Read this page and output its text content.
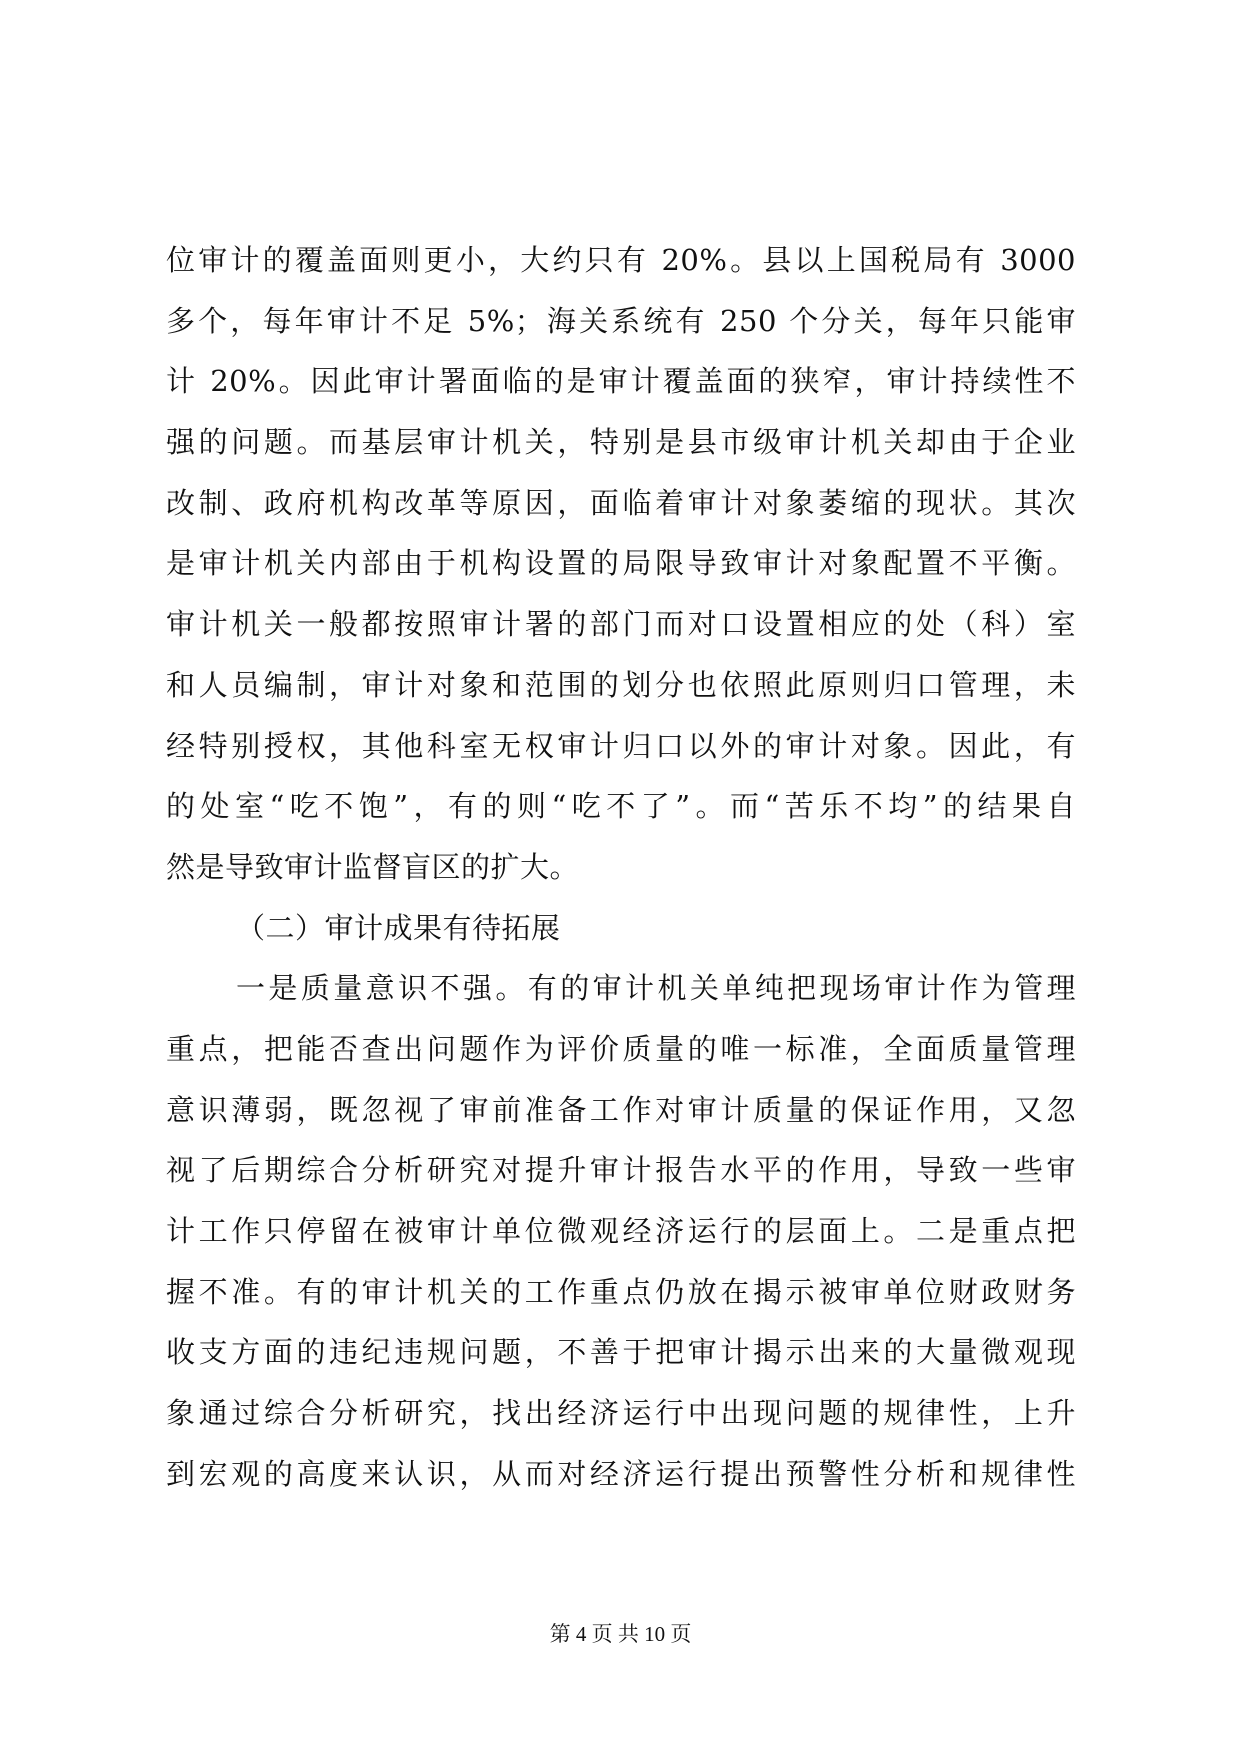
位审计的覆盖面则更小，大约只有 20%。县以上国税局有 3000
多个，每年审计不足 5%；海关系统有 250 个分关，每年只能审
计 20%。因此审计署面临的是审计覆盖面的狭窄，审计持续性不
强的问题。而基层审计机关，特别是县市级审计机关却由于企业
改制、政府机构改革等原因，面临着审计对象萎缩的现状。其次
是审计机关内部由于机构设置的局限导致审计对象配置不平衡。
审计机关一般都按照审计署的部门而对口设置相应的处（科）室
和人员编制，审计对象和范围的划分也依照此原则归口管理，未
经特别授权，其他科室无权审计归口以外的审计对象。因此，有
的处室“吃不饱”，有的则“吃不了”。而“苦乐不均”的结果自
然是导致审计监督盲区的扩大。
（二）审计成果有待拓展
一是质量意识不强。有的审计机关单纯把现场审计作为管理
重点，把能否查出问题作为评价质量的唯一标准，全面质量管理
意识薄弱，既忽视了审前准备工作对审计质量的保证作用，又忽
视了后期综合分析研究对提升审计报告水平的作用，导致一些审
计工作只停留在被审计单位微观经济运行的层面上。二是重点把
握不准。有的审计机关的工作重点仍放在揭示被审单位财政财务
收支方面的违纪违规问题，不善于把审计揭示出来的大量微观现
象通过综合分析研究，找出经济运行中出现问题的规律性，上升
到宏观的高度来认识，从而对经济运行提出预警性分析和规律性
第 4 页 共 10 页
